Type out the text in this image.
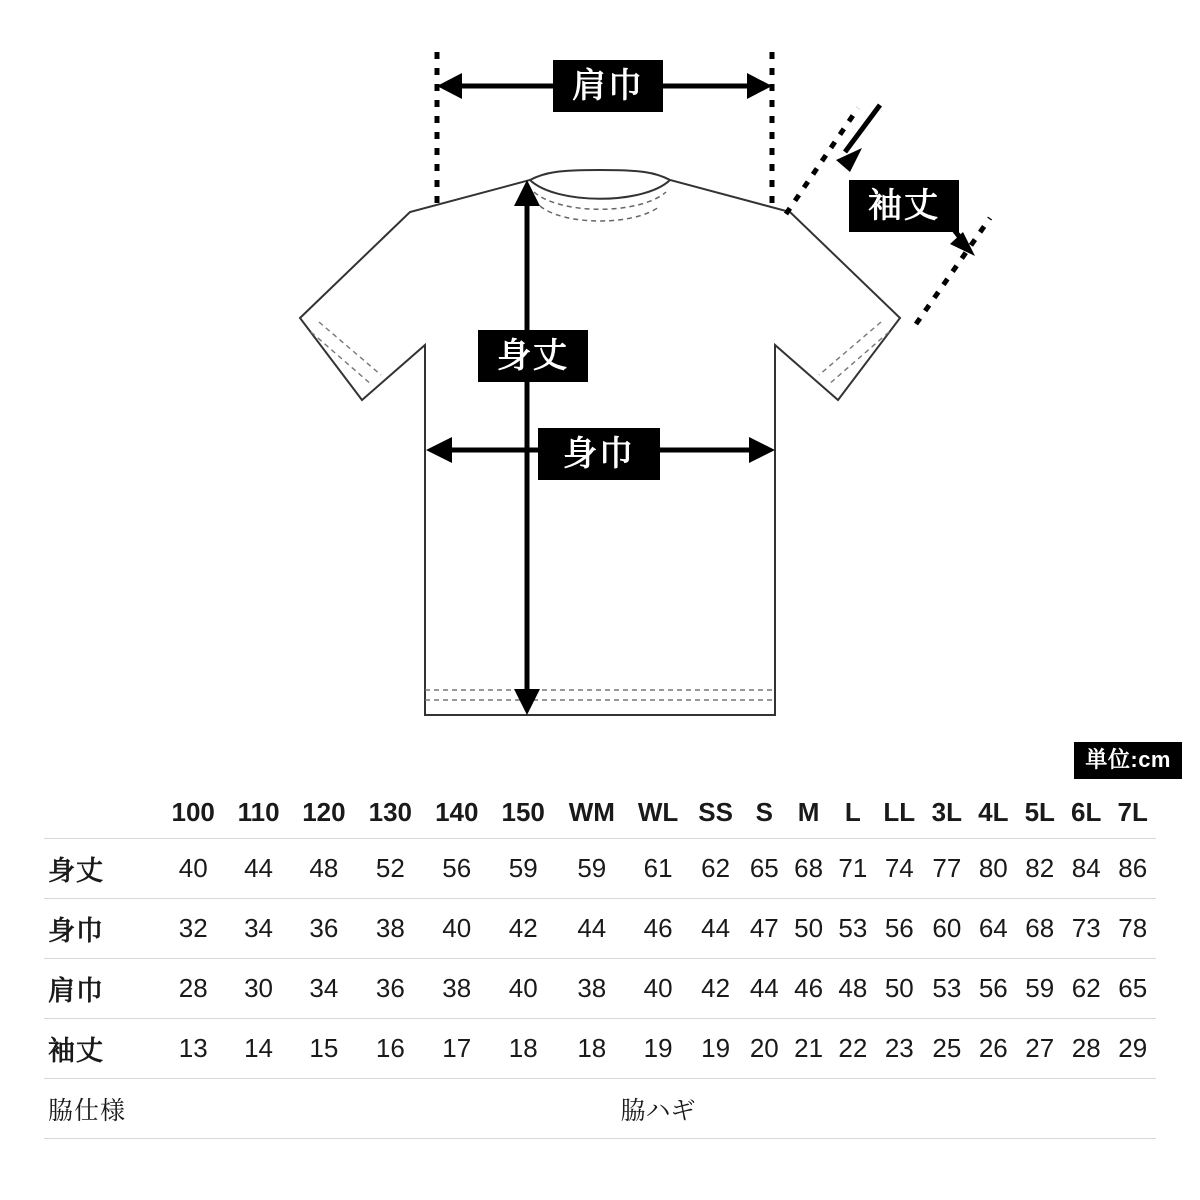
肩巾
袖丈
身丈
身巾
単位:cm
	100	110	120	130	140	150	WM	WL	SS	S	M	L	LL	3L	4L	5L	6L	7L
身丈	40	44	48	52	56	59	59	61	62	65	68	71	74	77	80	82	84	86
身巾	32	34	36	38	40	42	44	46	44	47	50	53	56	60	64	68	73	78
肩巾	28	30	34	36	38	40	38	40	42	44	46	48	50	53	56	59	62	65
袖丈	13	14	15	16	17	18	18	19	19	20	21	22	23	25	26	27	28	29
脇仕様	脇ハギ																	
